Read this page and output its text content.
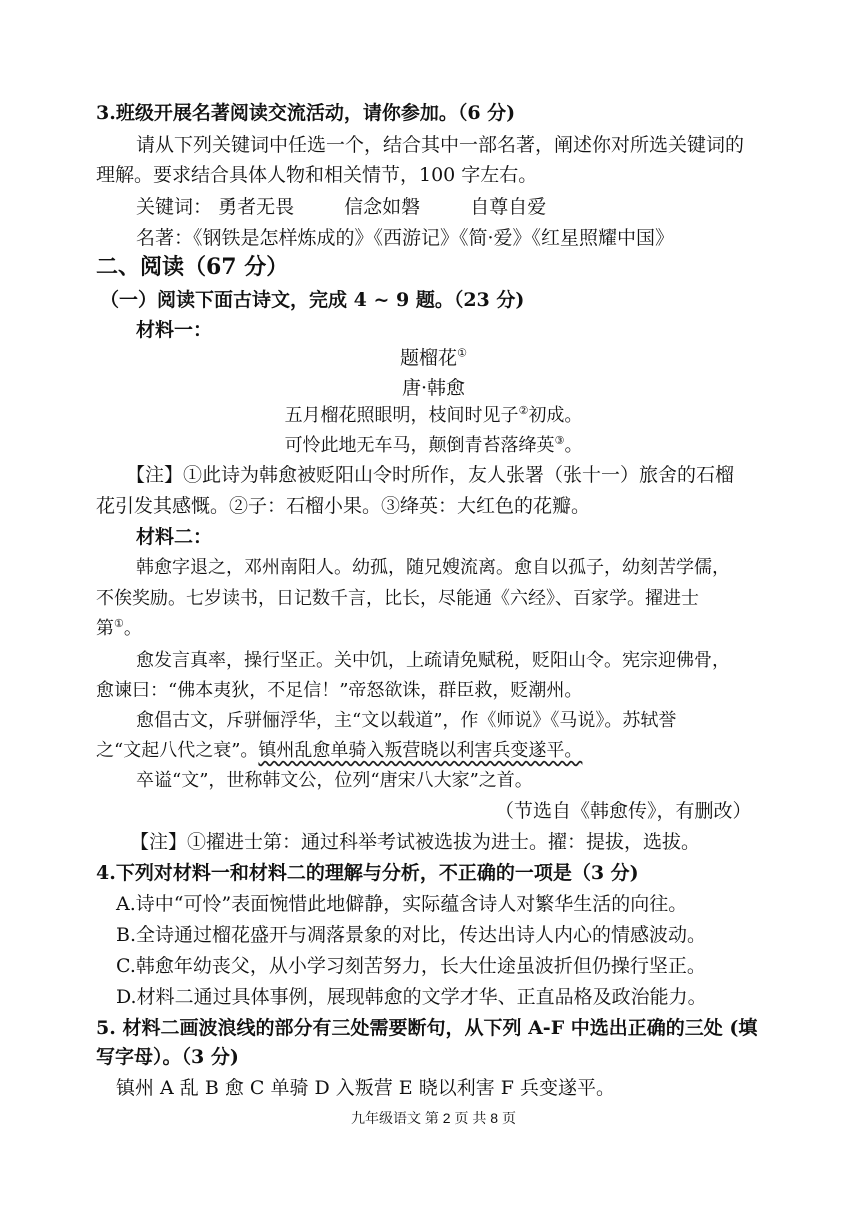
3.班级开展名著阅读交流活动，请你参加。（6 分)
请从下列关键词中任选一个，结合其中一部名著，阐述你对所选关键词的
理解。要求结合具体人物和相关情节，100 字左右。
关键词： 勇者无畏	信念如磐	自尊自爱
名著：《钢铁是怎样炼成的》《西游记》《简·爱》《红星照耀中国》
二、阅读（67 分）
（一）阅读下面古诗文，完成 4 ~ 9 题。（23 分)
材料一：
题榴花①
唐·韩愈
五月榴花照眼明，枝间时见子②初成。
可怜此地无车马，颠倒青苔落绛英③。
【注】①此诗为韩愈被贬阳山令时所作，友人张署（张十一）旅舍的石榴
花引发其感慨。②子：石榴小果。③绛英：大红色的花瓣。
材料二：
韩愈字退之，邓州南阳人。幼孤，随兄嫂流离。愈自以孤子，幼刻苦学儒，
不俟奖励。七岁读书，日记数千言，比长，尽能通《六经》、百家学。擢进士
第①。
愈发言真率，操行坚正。关中饥，上疏请免赋税，贬阳山令。宪宗迎佛骨，
愈谏曰：“佛本夷狄，不足信！”帝怒欲诛，群臣救，贬潮州。
愈倡古文，斥骈俪浮华，主“文以载道”，作《师说》《马说》。苏轼誉
之“文起八代之衰”。镇州乱愈单骑入叛营晓以利害兵变遂平。
卒谥“文”，世称韩文公，位列“唐宋八大家”之首。
（节选自《韩愈传》，有删改）
【注】①擢进士第：通过科举考试被选拔为进士。擢：提拔，选拔。
4.下列对材料一和材料二的理解与分析，不正确的一项是（3 分)
A.诗中“可怜”表面惋惜此地僻静，实际蕴含诗人对繁华生活的向往。
B.全诗通过榴花盛开与凋落景象的对比，传达出诗人内心的情感波动。
C.韩愈年幼丧父，从小学习刻苦努力，长大仕途虽波折但仍操行坚正。
D.材料二通过具体事例，展现韩愈的文学才华、正直品格及政治能力。
5. 材料二画波浪线的部分有三处需要断句，从下列 A-F 中选出正确的三处 (填
写字母）。（3 分)
镇州 A 乱 B 愈 C 单骑 D 入叛营 E 晓以利害 F 兵变遂平。
九年级语文 第 2 页 共 8 页
